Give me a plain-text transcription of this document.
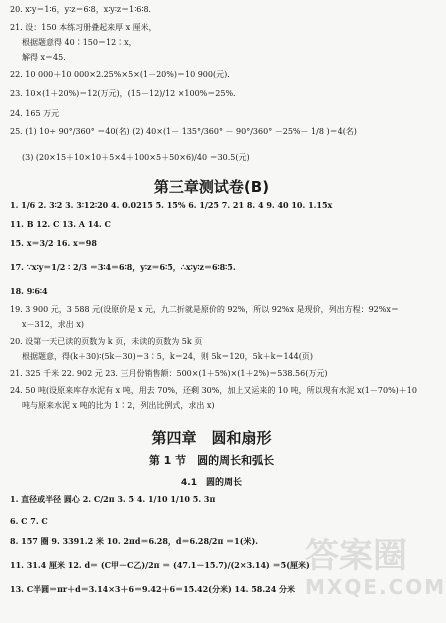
20. x∶y＝1∶6，y∶z＝6∶8，x∶y∶z＝1∶6∶8.
21. 设：150 本练习册叠起来厚 x 厘米，
根据题意得 40∶150＝12∶x，
解得 x＝45.
22. 10 000＋10 000×2.25%×5×(1－20%)＝10 900(元).
23. 10×(1＋20%)＝12(万元)，(15－12)/12 ×100%＝25%.
24. 165 万元
25. (1) 10÷ 90°/360° ＝40(名) (2) 40×(1－ 135°/360° － 90°/360° －25%－ 1/8 )＝4(名)
(3) (20×15＋10×10＋5×4＋100×5＋50×6)/40 ＝30.5(元)
第三章测试卷(B)
1. 1/6 2. 3∶2 3. 3∶12∶20 4. 0.0215 5. 15% 6. 1/25 7. 21 8. 4 9. 40 10. 1.15x
11. B 12. C 13. A 14. C
15. x＝3/2 16. x＝98
17. ∵x∶y＝1/2 ∶ 2/3 ＝3∶4＝6∶8，y∶z＝6∶5，∴x∶y∶z＝6∶8∶5.
18. 9∶6∶4
19. 3 900 元，3 588 元(设原价是 x 元，九二折就是原价的 92%，所以 92%x 是现价，列出方程：92%x＝
x－312，求出 x)
20. 设第一天已读的页数为 k 页，未读的页数为 5k 页
根据题意，得(k＋30)∶(5k－30)＝3∶5，k＝24，则 5k＝120，5k＋k＝144(页)
21. 325 千米 22. 902 元 23. 三月份销售额：500×(1＋5%)×(1＋2%)＝538.56(万元)
24. 50 吨(设原来库存水泥有 x 吨，用去 70%，还剩 30%，加上又运来的 10 吨，所以现有水泥 x(1－70%)＋10
吨与原来水泥 x 吨的比为 1∶2，列出比例式，求出 x)
第四章　圆和扇形
第 1 节　圆的周长和弧长
4.1　圆的周长
1. 直径或半径 圆心 2. C/2π 3. 5 4. 1/10 1/10 5. 3π
6. C 7. C
8. 157 圈 9. 3391.2 米 10. 2πd＝6.28，d＝6.28/2π ＝1(米).
11. 31.4 厘米 12. d＝ (C甲－C乙)/2π ＝ (47.1－15.7)/(2×3.14) ＝5(厘米)
13. C半圆＝πr＋d＝3.14×3＋6＝9.42＋6＝15.42(分米) 14. 58.24 分米
答案圈
MXQE.COM
